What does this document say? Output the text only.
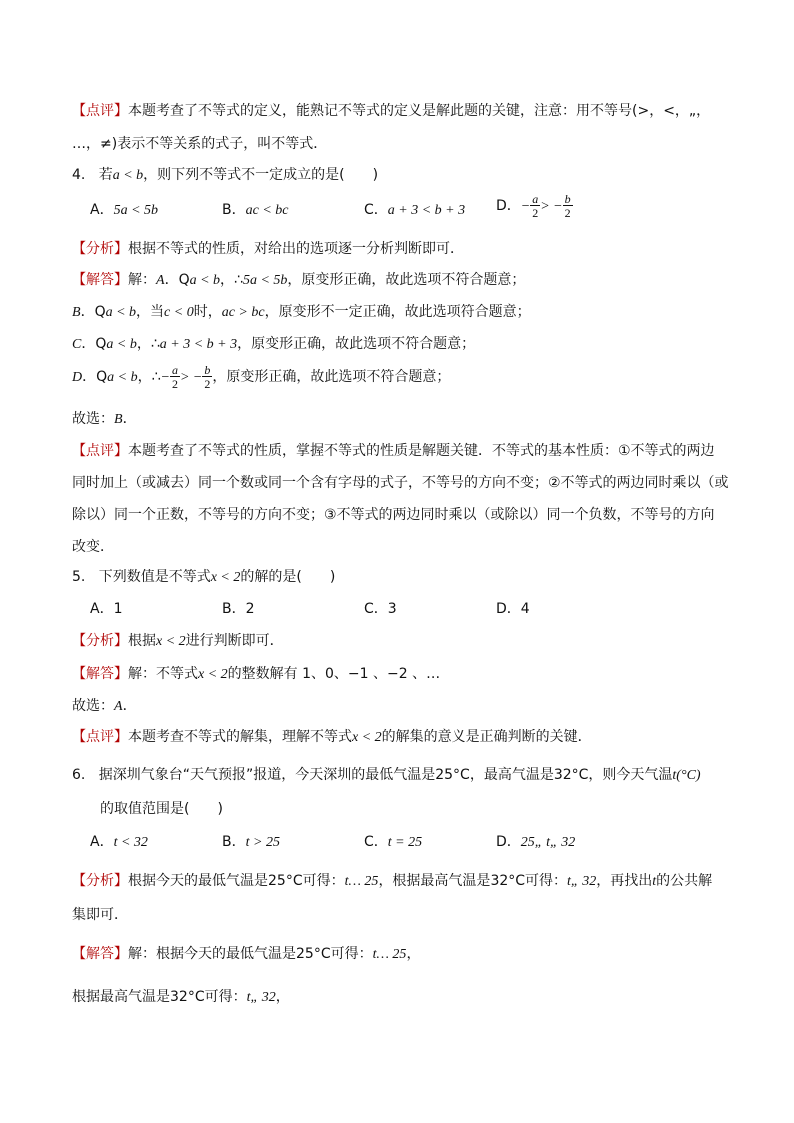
【点评】本题考查了不等式的定义，能熟记不等式的定义是解此题的关键，注意：用不等号(>，<，„，
…，≠)表示不等关系的式子，叫不等式．
4. 若a < b，则下列不等式不一定成立的是(　　)
A．5a < 5b	B．ac < bc	C．a + 3 < b + 3 D．− $\frac{a}{2}$ > − $\frac{b}{2}$
【分析】根据不等式的性质，对给出的选项逐一分析判断即可．
【解答】解：A．Qa < b，∴5a < 5b，原变形正确，故此选项不符合题意；
B．Qa < b，当c < 0时，ac > bc，原变形不一定正确，故此选项符合题意；
C．Qa < b，∴a + 3 < b + 3，原变形正确，故此选项不符合题意；
D．Qa < b，∴− $\frac{a}{2}$ > − $\frac{b}{2}$ ，原变形正确，故此选项不符合题意；
故选：B．
【点评】本题考查了不等式的性质，掌握不等式的性质是解题关键．不等式的基本性质：①不等式的两边
同时加上（或减去）同一个数或同一个含有字母的式子，不等号的方向不变；②不等式的两边同时乘以（或
除以）同一个正数，不等号的方向不变；③不等式的两边同时乘以（或除以）同一个负数，不等号的方向
改变．
5. 下列数值是不等式x < 2的解的是(　　)
A．1	B．2	C．3	D．4
【分析】根据x < 2进行判断即可．
【解答】解：不等式x < 2的整数解有 1、0、−1 、−2 、…
故选：A．
【点评】本题考查不等式的解集，理解不等式x < 2的解集的意义是正确判断的关键．
6. 据深圳气象台“天气预报”报道，今天深圳的最低气温是25°C，最高气温是32°C，则今天气温t(°C)
的取值范围是(　　)
A．t < 32	B．t > 25	C．t = 25	D．25„ t„ 32
【分析】根据今天的最低气温是25°C可得：t… 25，根据最高气温是32°C可得：t„ 32，再找出t的公共解
集即可．
【解答】解：根据今天的最低气温是25°C可得：t… 25，
根据最高气温是32°C可得：t„ 32，
